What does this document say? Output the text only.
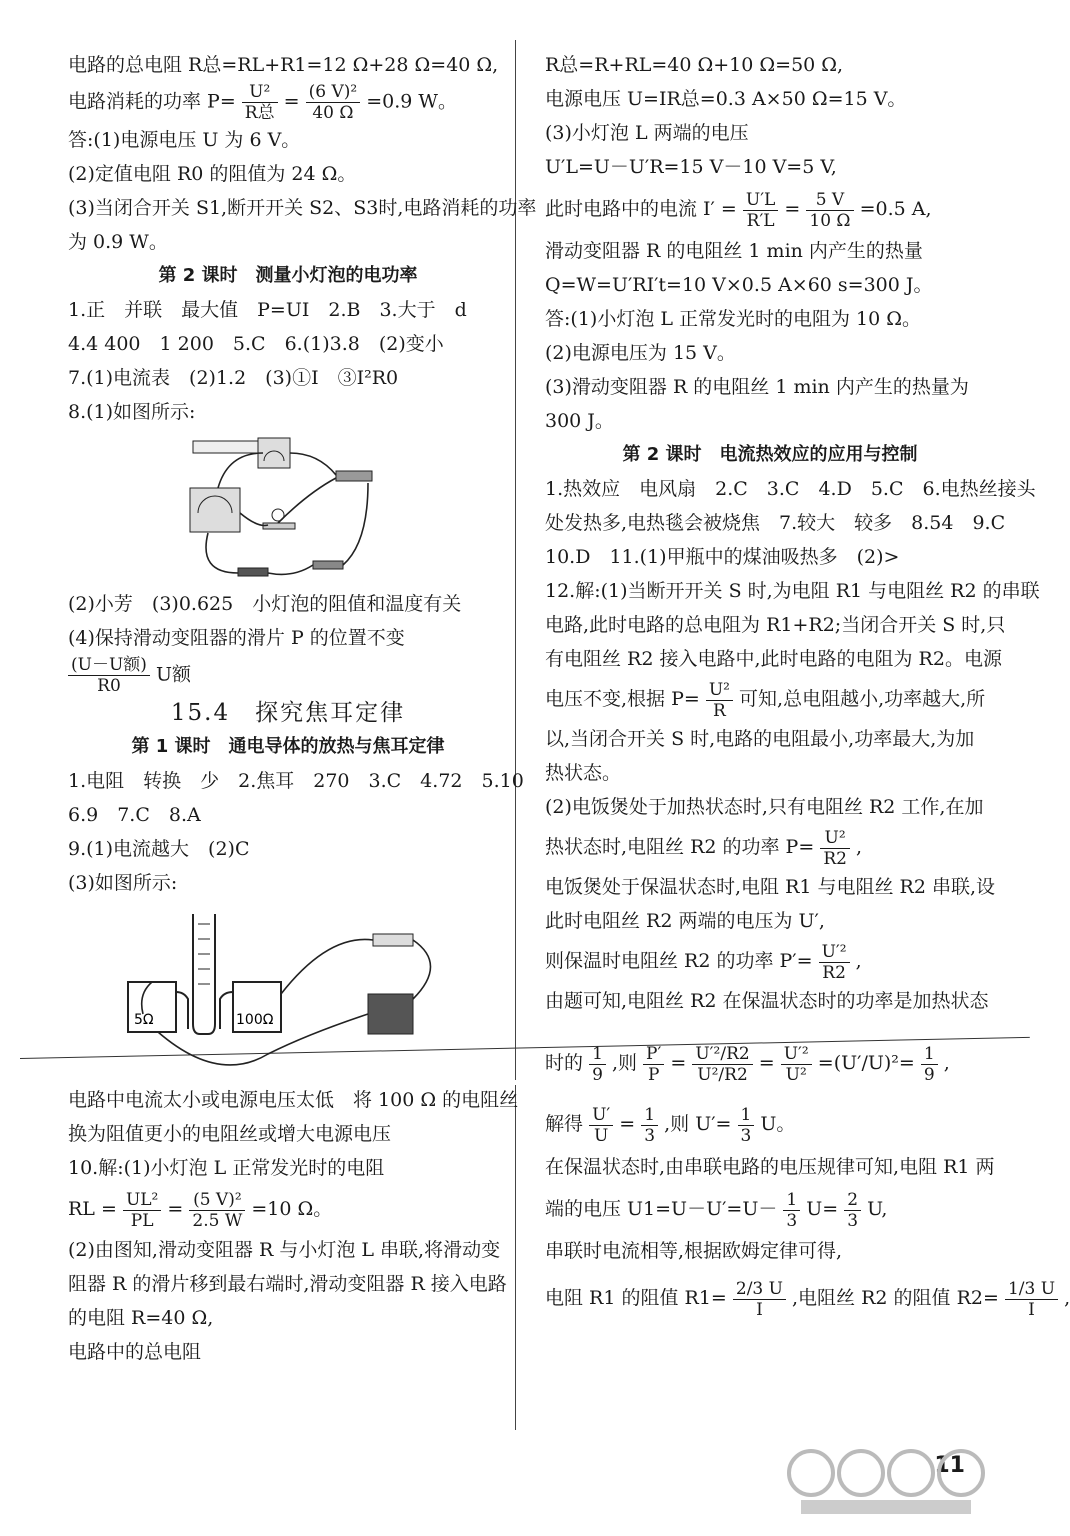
电路的总电阻 R总=RL+R1=12 Ω+28 Ω=40 Ω,
电路消耗的功率 $P= \frac{\text{U²}}{\text{R总}} = \frac{\text{(6 V)²}}{40 \Omega} =0.9$ W。
答:(1)电源电压 U 为 6 V。
(2)定值电阻 R0 的阻值为 24 Ω。
(3)当闭合开关 S1,断开开关 S2、S3时,电路消耗的功率
为 0.9 W。
第 2 课时　测量小灯泡的电功率
1.正　并联　最大值　P=UI　2.B　3.大于　d
4.4 400　1 200　5.C　6.(1)3.8　(2)变小
7.(1)电流表　(2)1.2　(3)①I　③I²R0
8.(1)如图所示:
(2)小芳　(3)0.625　小灯泡的阻值和温度有关
(4)保持滑动变阻器的滑片 P 的位置不变
$\frac{\text{(U－U额)}}{R0}$ U额
15.4　探究焦耳定律
第 1 课时　通电导体的放热与焦耳定律
1.电阻　转换　少　2.焦耳　270　3.C　4.72　5.10
6.9　7.C　8.A
9.(1)电流越大　(2)C
(3)如图所示:
5Ω	100Ω
电路中电流太小或电源电压太低　将 100 Ω 的电阻丝
换为阻值更小的电阻丝或增大电源电压
10.解:(1)小灯泡 L 正常发光时的电阻
RL = $\frac{\text{UL²}}{PL} = \frac{\text{(5 V)²}}{2.5 W} =10$ Ω。
(2)由图知,滑动变阻器 R 与小灯泡 L 串联,将滑动变
阻器 R 的滑片移到最右端时,滑动变阻器 R 接入电路
的电阻 R=40 Ω,
电路中的总电阻
R总=R+RL=40 Ω+10 Ω=50 Ω,
电源电压 U=IR总=0.3 A×50 Ω=15 V。
(3)小灯泡 L 两端的电压
U′L=U－U′R=15 V－10 V=5 V,
此时电路中的电流 $I' = \frac{U'L}{R'L} = \frac{5 V}{10 \Omega} =0.5$ A,
滑动变阻器 R 的电阻丝 1 min 内产生的热量
Q=W=U′RI′t=10 V×0.5 A×60 s=300 J。
答:(1)小灯泡 L 正常发光时的电阻为 10 Ω。
(2)电源电压为 15 V。
(3)滑动变阻器 R 的电阻丝 1 min 内产生的热量为
300 J。
第 2 课时　电流热效应的应用与控制
1.热效应　电风扇　2.C　3.C　4.D　5.C　6.电热丝接头
处发热多,电热毯会被烧焦　7.较大　较多　8.54　9.C
10.D　11.(1)甲瓶中的煤油吸热多　(2)>
12.解:(1)当断开开关 S 时,为电阻 R1 与电阻丝 R2 的串联
电路,此时电路的总电阻为 R1+R2;当闭合开关 S 时,只
有电阻丝 R2 接入电路中,此时电路的电阻为 R2。电源
电压不变,根据 $P= \frac{\text{U²}}{R}$ 可知,总电阻越小,功率越大,所
以,当闭合开关 S 时,电路的电阻最小,功率最大,为加
热状态。
(2)电饭煲处于加热状态时,只有电阻丝 R2 工作,在加
热状态时,电阻丝 R2 的功率 $P= \frac{\text{U²}}{R2}$ ,
电饭煲处于保温状态时,电阻 R1 与电阻丝 R2 串联,设
此时电阻丝 R2 两端的电压为 U′,
则保温时电阻丝 R2 的功率 $P'= \frac{\text{U′²}}{R2}$ ,
由题可知,电阻丝 R2 在保温状态时的功率是加热状态
时的 $\frac{1}{9}$ ,则 $\frac{P'}{P} = \frac{\text{U′²/R2}}{\text{U²/R2}} = \frac{\text{U′²}}{\text{U²}} =(U'/U)^2= \frac{1}{9}$ ,
解得 $\frac{U'}{U} = \frac{1}{3}$ ,则 $U'= \frac{1}{3}$ U。
在保温状态时,由串联电路的电压规律可知,电阻 R1 两
端的电压 $U1=U-U'=U- \frac{1}{3} U= \frac{2}{3} U$,
串联时电流相等,根据欧姆定律可得,
电阻 R1 的阻值 $R1= \frac{2/3 U}{I}$ ,电阻丝 R2 的阻值 $R2= \frac{1/3 U}{I}$ ,
11
